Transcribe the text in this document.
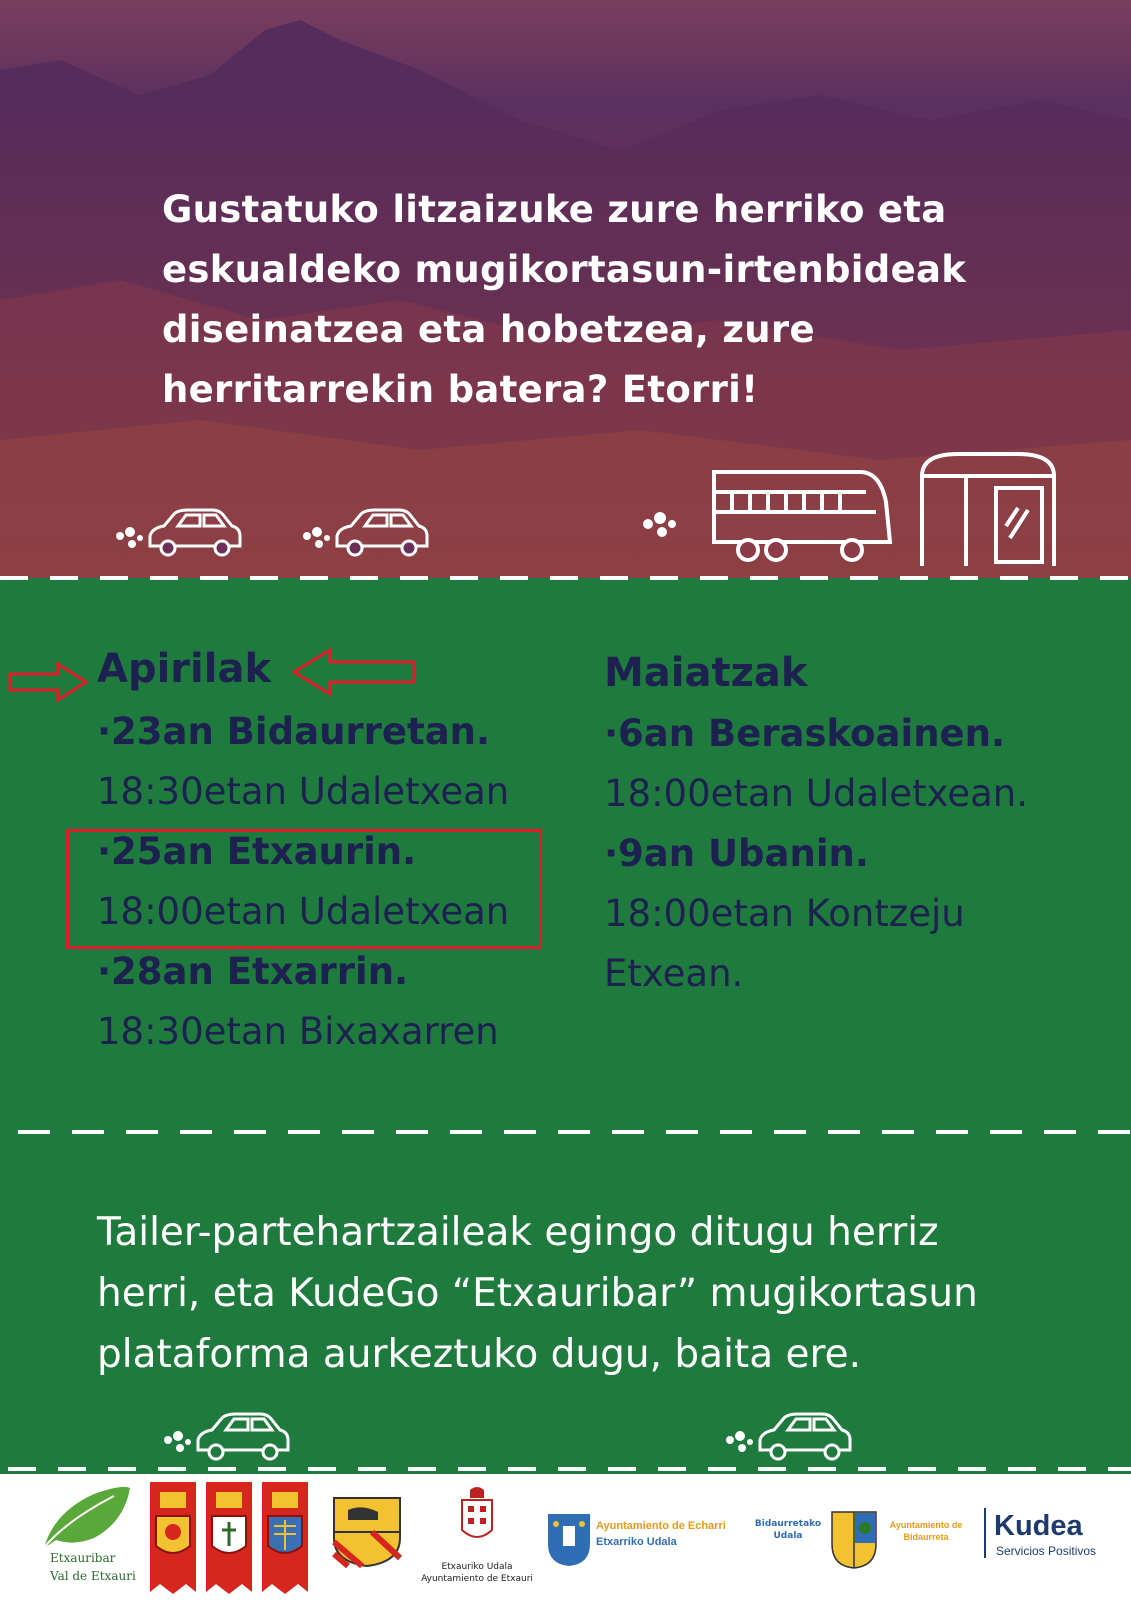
Gustatuko litzaizuke zure herriko eta
eskualdeko mugikortasun-irtenbideak
diseinatzea eta hobetzea, zure
herritarrekin batera? Etorri!
Apirilak
·23an Bidaurretan.
18:30etan Udaletxean
·25an Etxaurin.
18:00etan Udaletxean
·28an Etxarrin.
18:30etan Bixaxarren
Maiatzak
·6an Beraskoainen.
18:00etan Udaletxean.
·9an Ubanin.
18:00etan Kontzeju
Etxean.
Tailer-partehartzaileak egingo ditugu herriz
herri, eta KudeGo “Etxauribar” mugikortasun
plataforma aurkeztuko dugu, baita ere.
Etxauribar
Val de Etxauri
Etxauriko Udala
Ayuntamiento de Etxauri
Ayuntamiento de Echarri
Etxarriko Udala
Bidaurretako
Udala
Ayuntamiento de
Bidaurreta	Kudea
Servicios Positivos
